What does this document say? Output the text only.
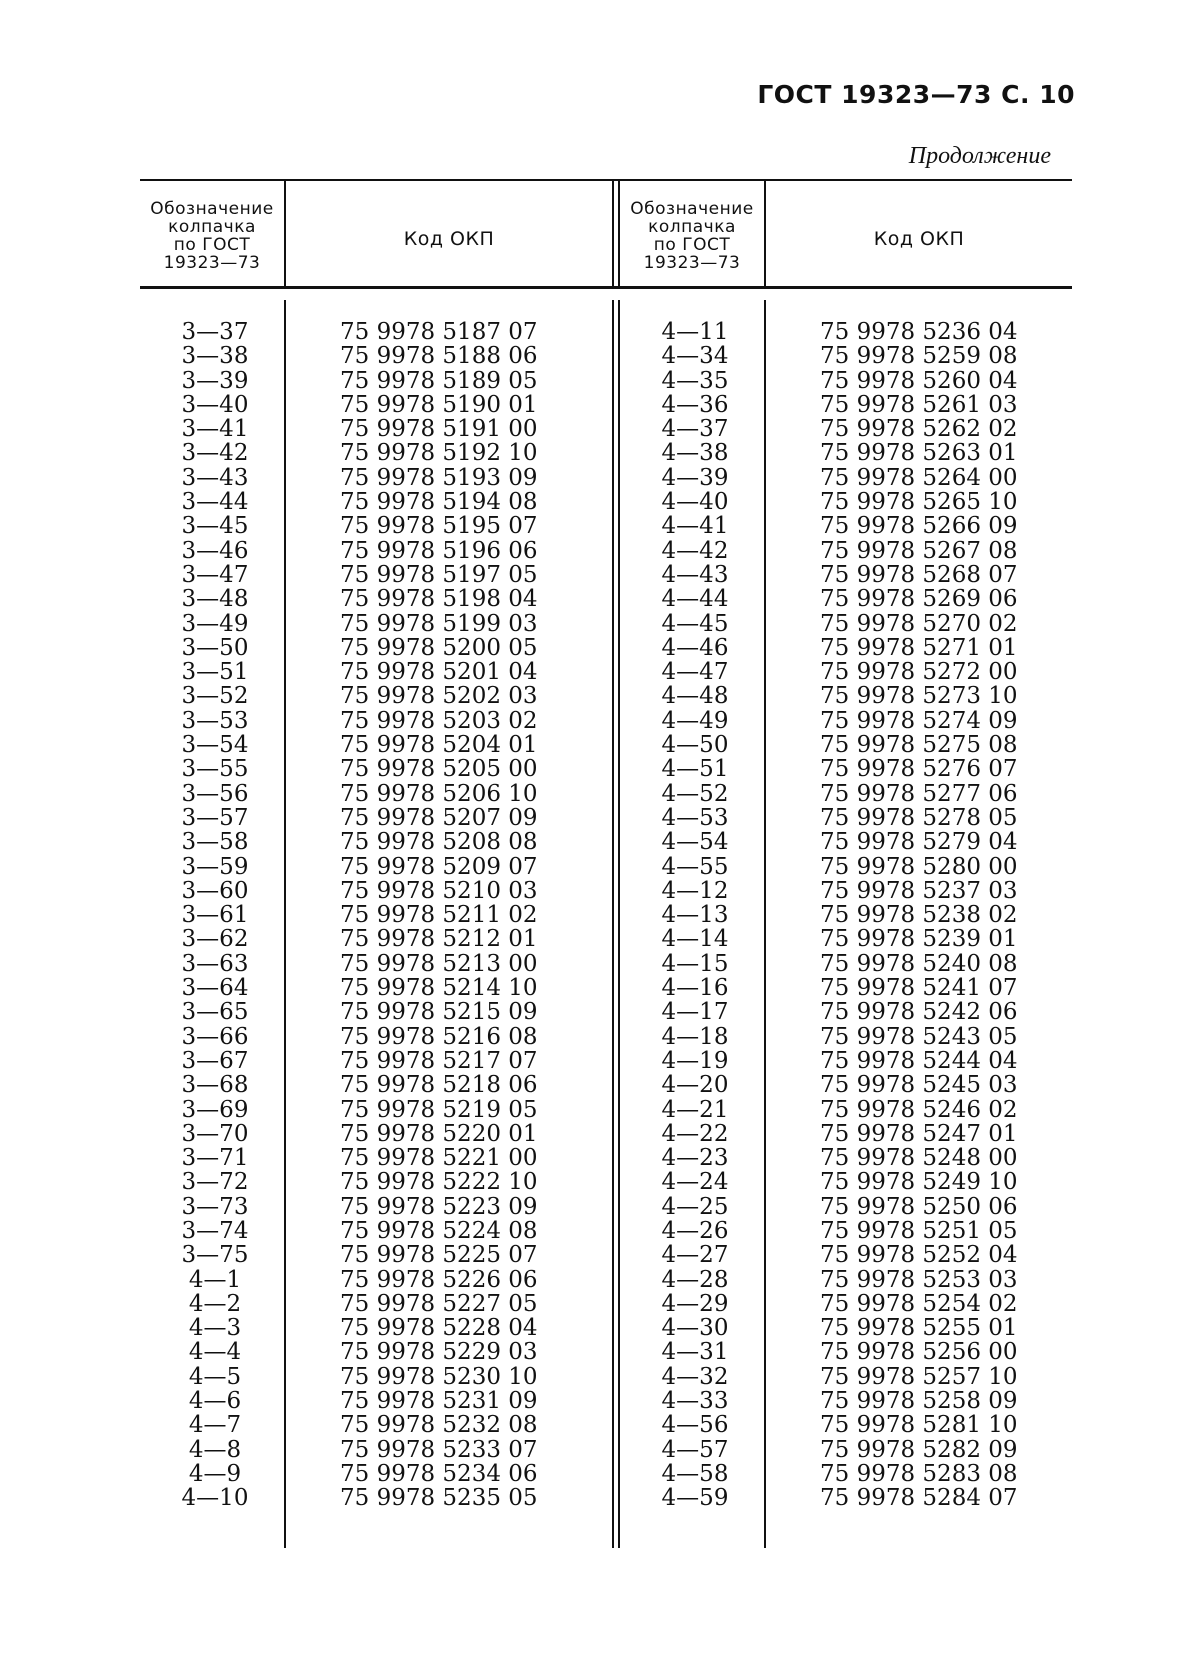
ГОСТ 19323—73 С. 10
Продолжение
Обозначение
колпачка
по ГОСТ
19323—73
Код ОКП
Обозначение
колпачка
по ГОСТ
19323—73
Код ОКП
3—37
3—38
3—39
3—40
3—41
3—42
3—43
3—44
3—45
3—46
3—47
3—48
3—49
3—50
3—51
3—52
3—53
3—54
3—55
3—56
3—57
3—58
3—59
3—60
3—61
3—62
3—63
3—64
3—65
3—66
3—67
3—68
3—69
3—70
3—71
3—72
3—73
3—74
3—75
4—1
4—2
4—3
4—4
4—5
4—6
4—7
4—8
4—9
4—10
75 9978 5187 07
75 9978 5188 06
75 9978 5189 05
75 9978 5190 01
75 9978 5191 00
75 9978 5192 10
75 9978 5193 09
75 9978 5194 08
75 9978 5195 07
75 9978 5196 06
75 9978 5197 05
75 9978 5198 04
75 9978 5199 03
75 9978 5200 05
75 9978 5201 04
75 9978 5202 03
75 9978 5203 02
75 9978 5204 01
75 9978 5205 00
75 9978 5206 10
75 9978 5207 09
75 9978 5208 08
75 9978 5209 07
75 9978 5210 03
75 9978 5211 02
75 9978 5212 01
75 9978 5213 00
75 9978 5214 10
75 9978 5215 09
75 9978 5216 08
75 9978 5217 07
75 9978 5218 06
75 9978 5219 05
75 9978 5220 01
75 9978 5221 00
75 9978 5222 10
75 9978 5223 09
75 9978 5224 08
75 9978 5225 07
75 9978 5226 06
75 9978 5227 05
75 9978 5228 04
75 9978 5229 03
75 9978 5230 10
75 9978 5231 09
75 9978 5232 08
75 9978 5233 07
75 9978 5234 06
75 9978 5235 05
4—11
4—34
4—35
4—36
4—37
4—38
4—39
4—40
4—41
4—42
4—43
4—44
4—45
4—46
4—47
4—48
4—49
4—50
4—51
4—52
4—53
4—54
4—55
4—12
4—13
4—14
4—15
4—16
4—17
4—18
4—19
4—20
4—21
4—22
4—23
4—24
4—25
4—26
4—27
4—28
4—29
4—30
4—31
4—32
4—33
4—56
4—57
4—58
4—59
75 9978 5236 04
75 9978 5259 08
75 9978 5260 04
75 9978 5261 03
75 9978 5262 02
75 9978 5263 01
75 9978 5264 00
75 9978 5265 10
75 9978 5266 09
75 9978 5267 08
75 9978 5268 07
75 9978 5269 06
75 9978 5270 02
75 9978 5271 01
75 9978 5272 00
75 9978 5273 10
75 9978 5274 09
75 9978 5275 08
75 9978 5276 07
75 9978 5277 06
75 9978 5278 05
75 9978 5279 04
75 9978 5280 00
75 9978 5237 03
75 9978 5238 02
75 9978 5239 01
75 9978 5240 08
75 9978 5241 07
75 9978 5242 06
75 9978 5243 05
75 9978 5244 04
75 9978 5245 03
75 9978 5246 02
75 9978 5247 01
75 9978 5248 00
75 9978 5249 10
75 9978 5250 06
75 9978 5251 05
75 9978 5252 04
75 9978 5253 03
75 9978 5254 02
75 9978 5255 01
75 9978 5256 00
75 9978 5257 10
75 9978 5258 09
75 9978 5281 10
75 9978 5282 09
75 9978 5283 08
75 9978 5284 07
